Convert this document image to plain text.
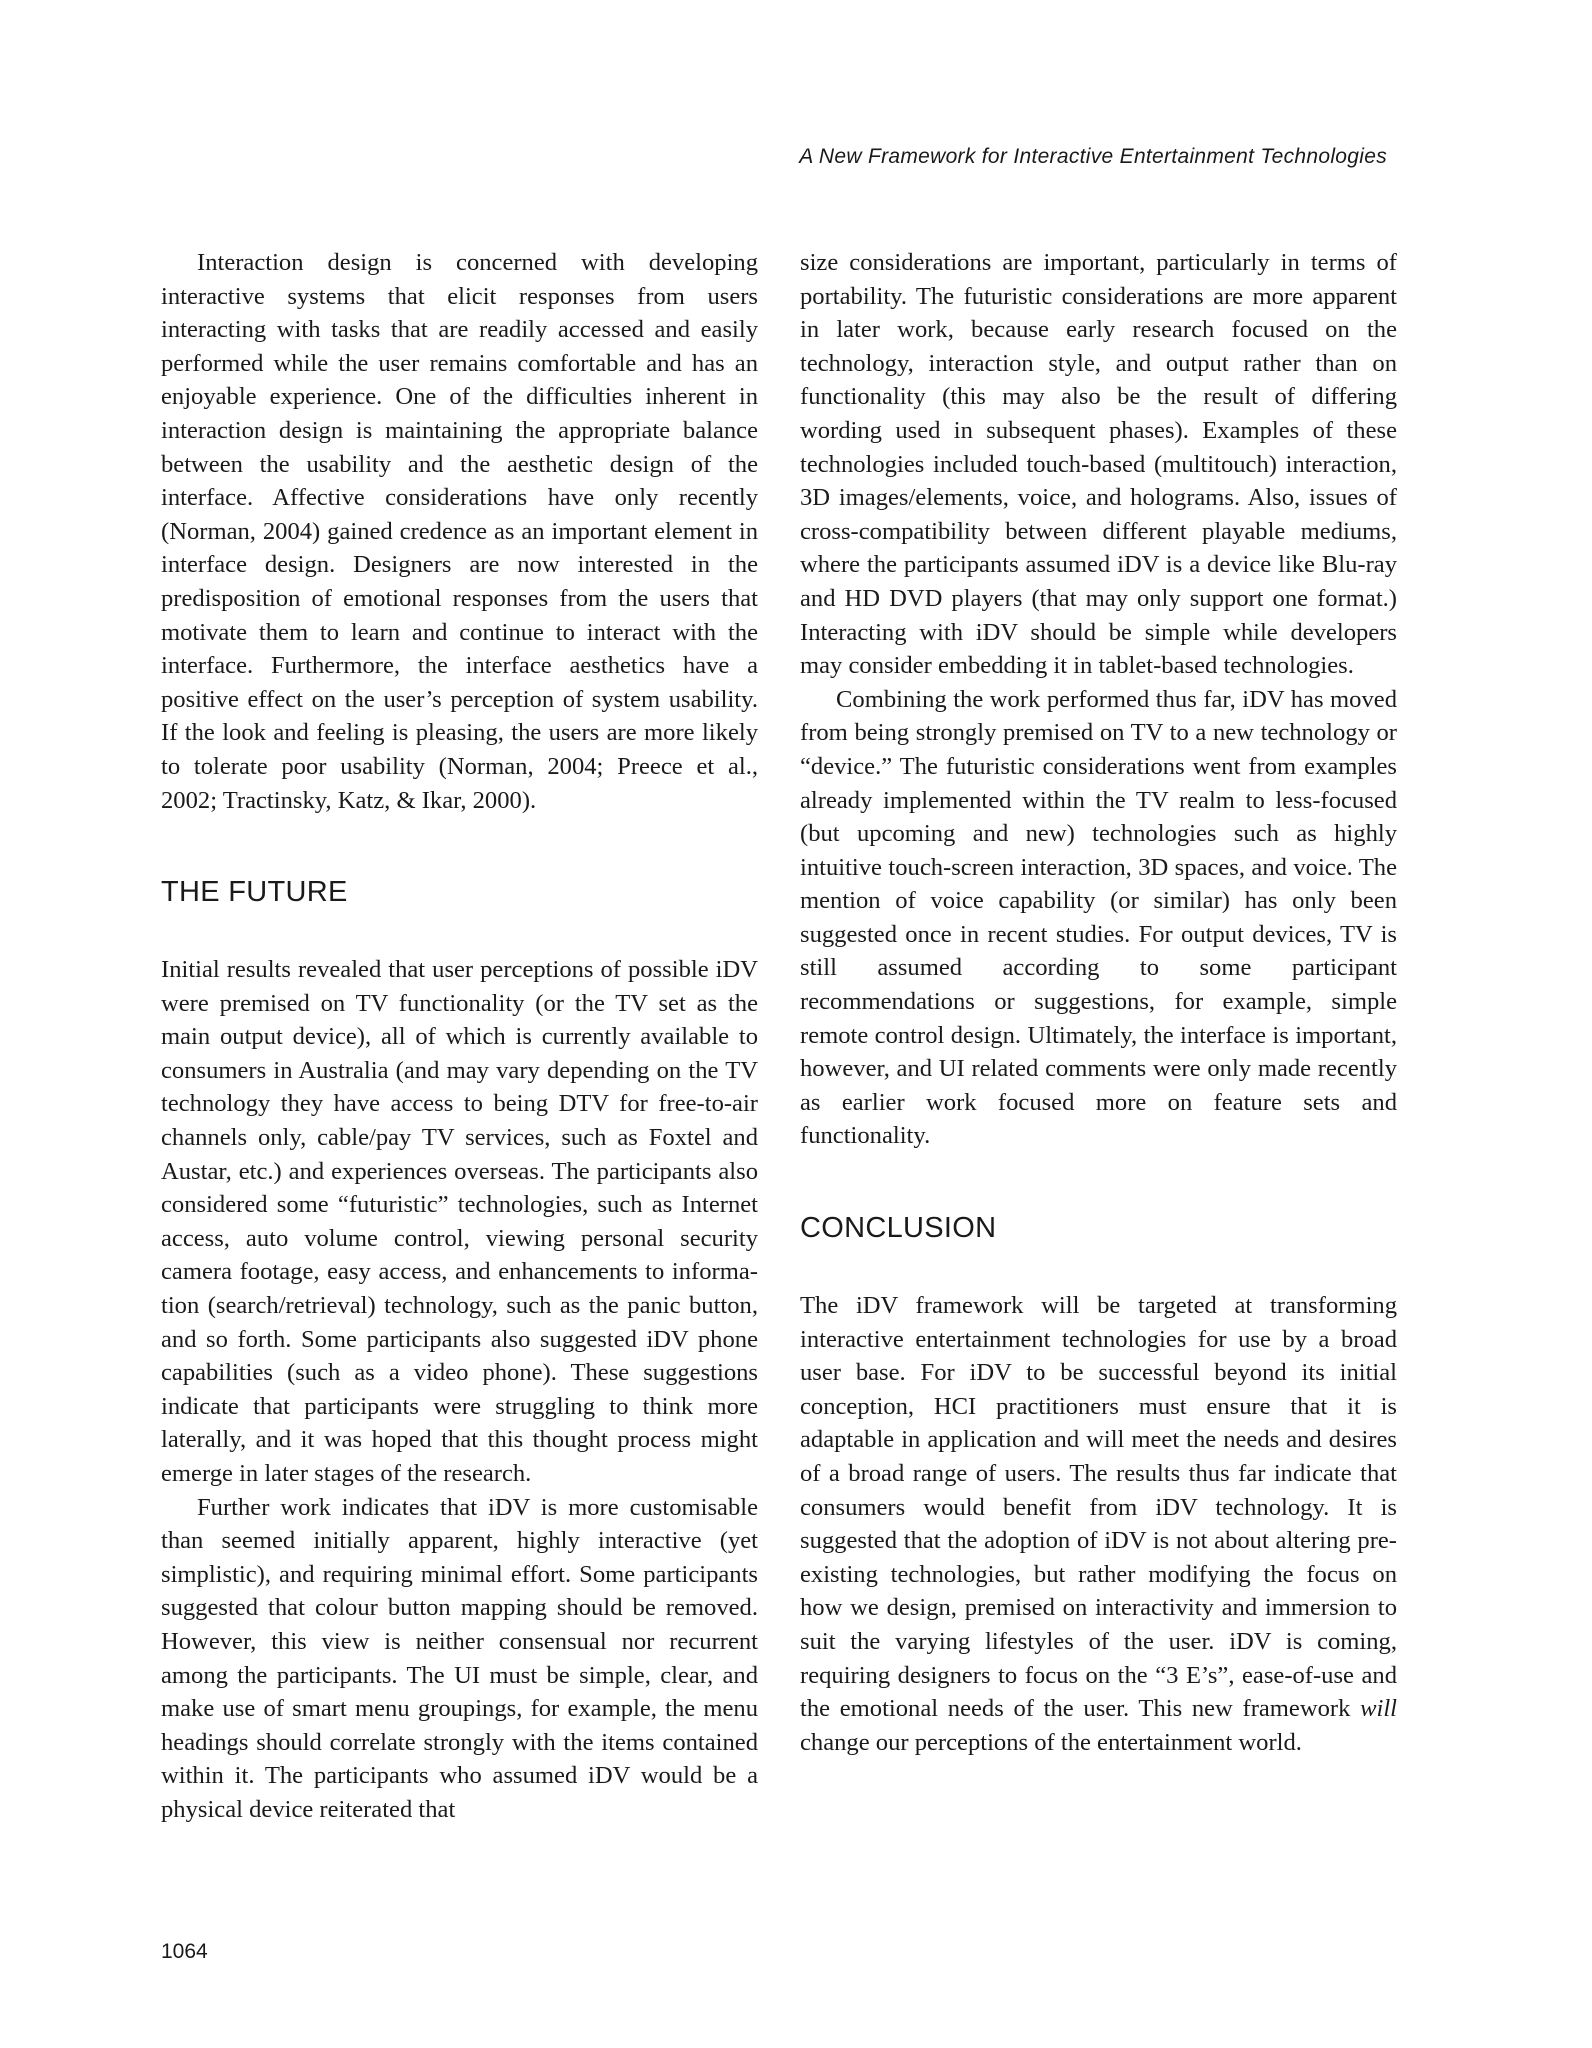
A New Framework for Interactive Entertainment Technologies

Interaction design is concerned with developing interactive systems that elicit responses from users interacting with tasks that are readily accessed and easily performed while the user remains comfortable and has an enjoyable experience. One of the difficulties inherent in interaction design is maintaining the appropriate balance between the usability and the aesthetic design of the interface. Affective considerations have only recently (Norman, 2004) gained credence as an important element in interface design. Designers are now interested in the predisposition of emotional responses from the users that motivate them to learn and continue to interact with the interface. Furthermore, the interface aesthetics have a positive effect on the user’s perception of system usability. If the look and feeling is pleasing, the users are more likely to tolerate poor usability (Norman, 2004; Preece et al., 2002; Tractinsky, Katz, & Ikar, 2000).

THE FUTURE

Initial results revealed that user perceptions of possible iDV were premised on TV functionality (or the TV set as the main output device), all of which is currently available to consumers in Australia (and may vary depending on the TV technology they have access to being DTV for free-to-air channels only, cable/pay TV services, such as Foxtel and Austar, etc.) and experiences overseas. The participants also considered some “futuristic” technologies, such as Internet access, auto volume control, viewing personal security camera footage, easy access, and enhancements to information (search/retrieval) technology, such as the panic button, and so forth. Some participants also suggested iDV phone capabilities (such as a video phone). These suggestions indicate that participants were struggling to think more laterally, and it was hoped that this thought process might emerge in later stages of the research.

Further work indicates that iDV is more customisable than seemed initially apparent, highly interactive (yet simplistic), and requiring minimal effort. Some participants suggested that colour button mapping should be removed. However, this view is neither consensual nor recurrent among the participants. The UI must be simple, clear, and make use of smart menu groupings, for example, the menu headings should correlate strongly with the items contained within it. The participants who assumed iDV would be a physical device reiterated that

size considerations are important, particularly in terms of portability. The futuristic considerations are more apparent in later work, because early research focused on the technology, interaction style, and output rather than on functionality (this may also be the result of differing wording used in subsequent phases). Examples of these technologies included touch-based (multitouch) interaction, 3D images/elements, voice, and holograms. Also, issues of cross-compatibility between different playable mediums, where the participants assumed iDV is a device like Blu-ray and HD DVD players (that may only support one format.) Interacting with iDV should be simple while developers may consider embedding it in tablet-based technologies.

Combining the work performed thus far, iDV has moved from being strongly premised on TV to a new technology or “device.” The futuristic considerations went from examples already implemented within the TV realm to less-focused (but upcoming and new) technologies such as highly intuitive touch-screen interaction, 3D spaces, and voice. The mention of voice capability (or similar) has only been suggested once in recent studies. For output devices, TV is still assumed according to some participant recommendations or suggestions, for example, simple remote control design. Ultimately, the interface is important, however, and UI related comments were only made recently as earlier work focused more on feature sets and functionality.

CONCLUSION

The iDV framework will be targeted at transforming interactive entertainment technologies for use by a broad user base. For iDV to be successful beyond its initial conception, HCI practitioners must ensure that it is adaptable in application and will meet the needs and desires of a broad range of users. The results thus far indicate that consumers would benefit from iDV technology. It is suggested that the adoption of iDV is not about altering pre-existing technologies, but rather modifying the focus on how we design, premised on interactivity and immersion to suit the varying lifestyles of the user. iDV is coming, requiring designers to focus on the “3 E’s”, ease-of-use and the emotional needs of the user. This new framework will change our perceptions of the entertainment world.

1064
